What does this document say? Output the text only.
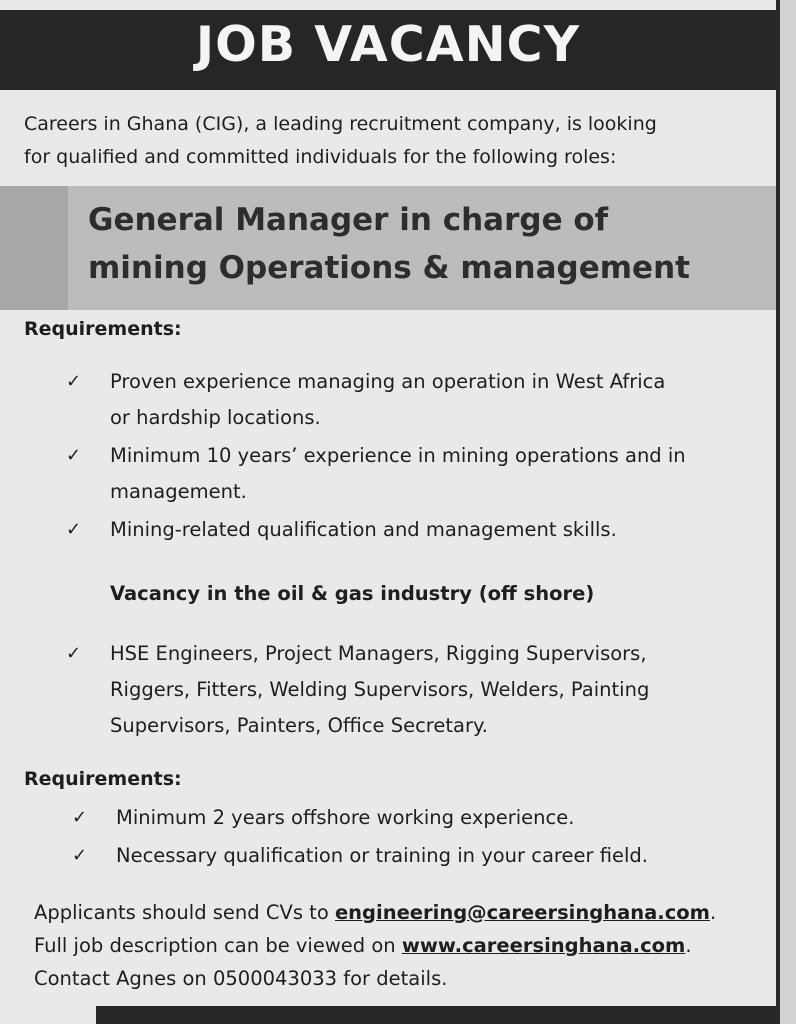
JOB VACANCY
Careers in Ghana (CIG), a leading recruitment company, is looking
for qualified and committed individuals for the following roles:
General Manager in charge of
mining Operations & management
Requirements:
✓	Proven experience managing an operation in West Africa
or hardship locations.
✓	Minimum 10 years’ experience in mining operations and in
management.
✓	Mining-related qualification and management skills.
Vacancy in the oil & gas industry (off shore)
✓	HSE Engineers, Project Managers, Rigging Supervisors,
Riggers, Fitters, Welding Supervisors, Welders, Painting
Supervisors, Painters, Office Secretary.
Requirements:
✓	Minimum 2 years offshore working experience.
✓	Necessary qualification or training in your career field.
Applicants should send CVs to engineering@careersinghana.com.
Full job description can be viewed on www.careersinghana.com.
Contact Agnes on 0500043033 for details.
